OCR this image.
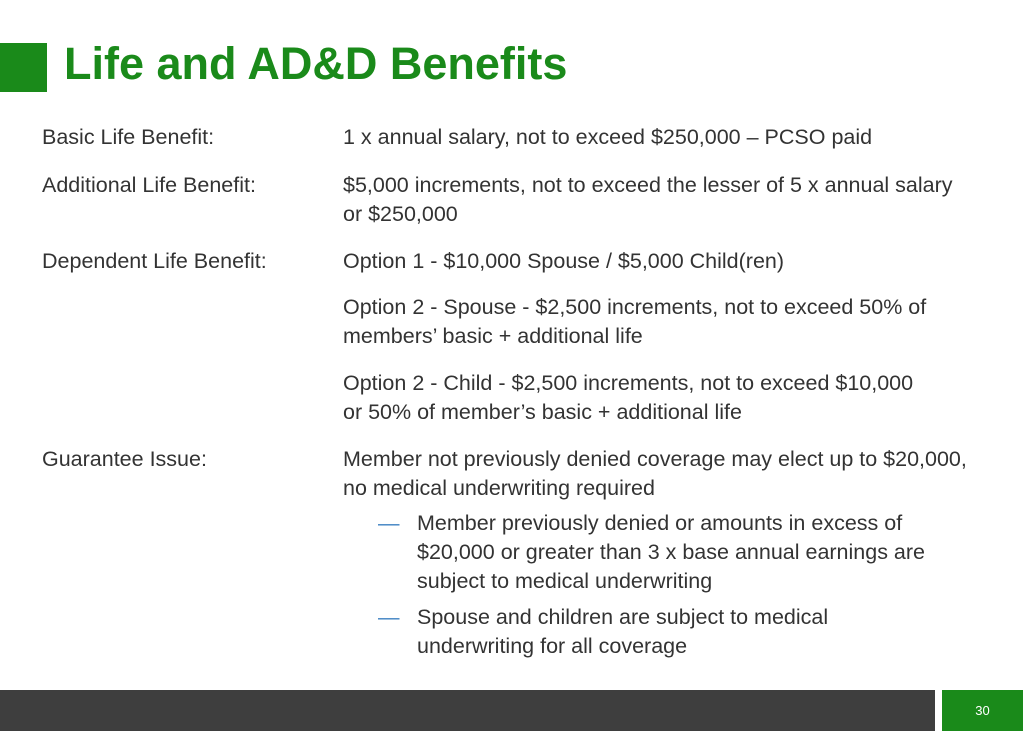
Life and AD&D Benefits
Basic Life Benefit:	1 x annual salary, not to exceed $250,000 – PCSO paid
Additional Life Benefit:	$5,000 increments, not to exceed the lesser of 5 x annual salary or $250,000
Dependent Life Benefit:	Option 1 - $10,000 Spouse / $5,000 Child(ren)
Option 2 - Spouse - $2,500 increments, not to exceed 50% of members’ basic + additional life
Option 2 - Child - $2,500 increments, not to exceed $10,000 or 50% of member’s basic + additional life
Guarantee Issue:	Member not previously denied coverage may elect up to $20,000, no medical underwriting required
— Member previously denied or amounts in excess of $20,000 or greater than 3 x base annual earnings are subject to medical underwriting
— Spouse and children are subject to medical underwriting for all coverage
30
